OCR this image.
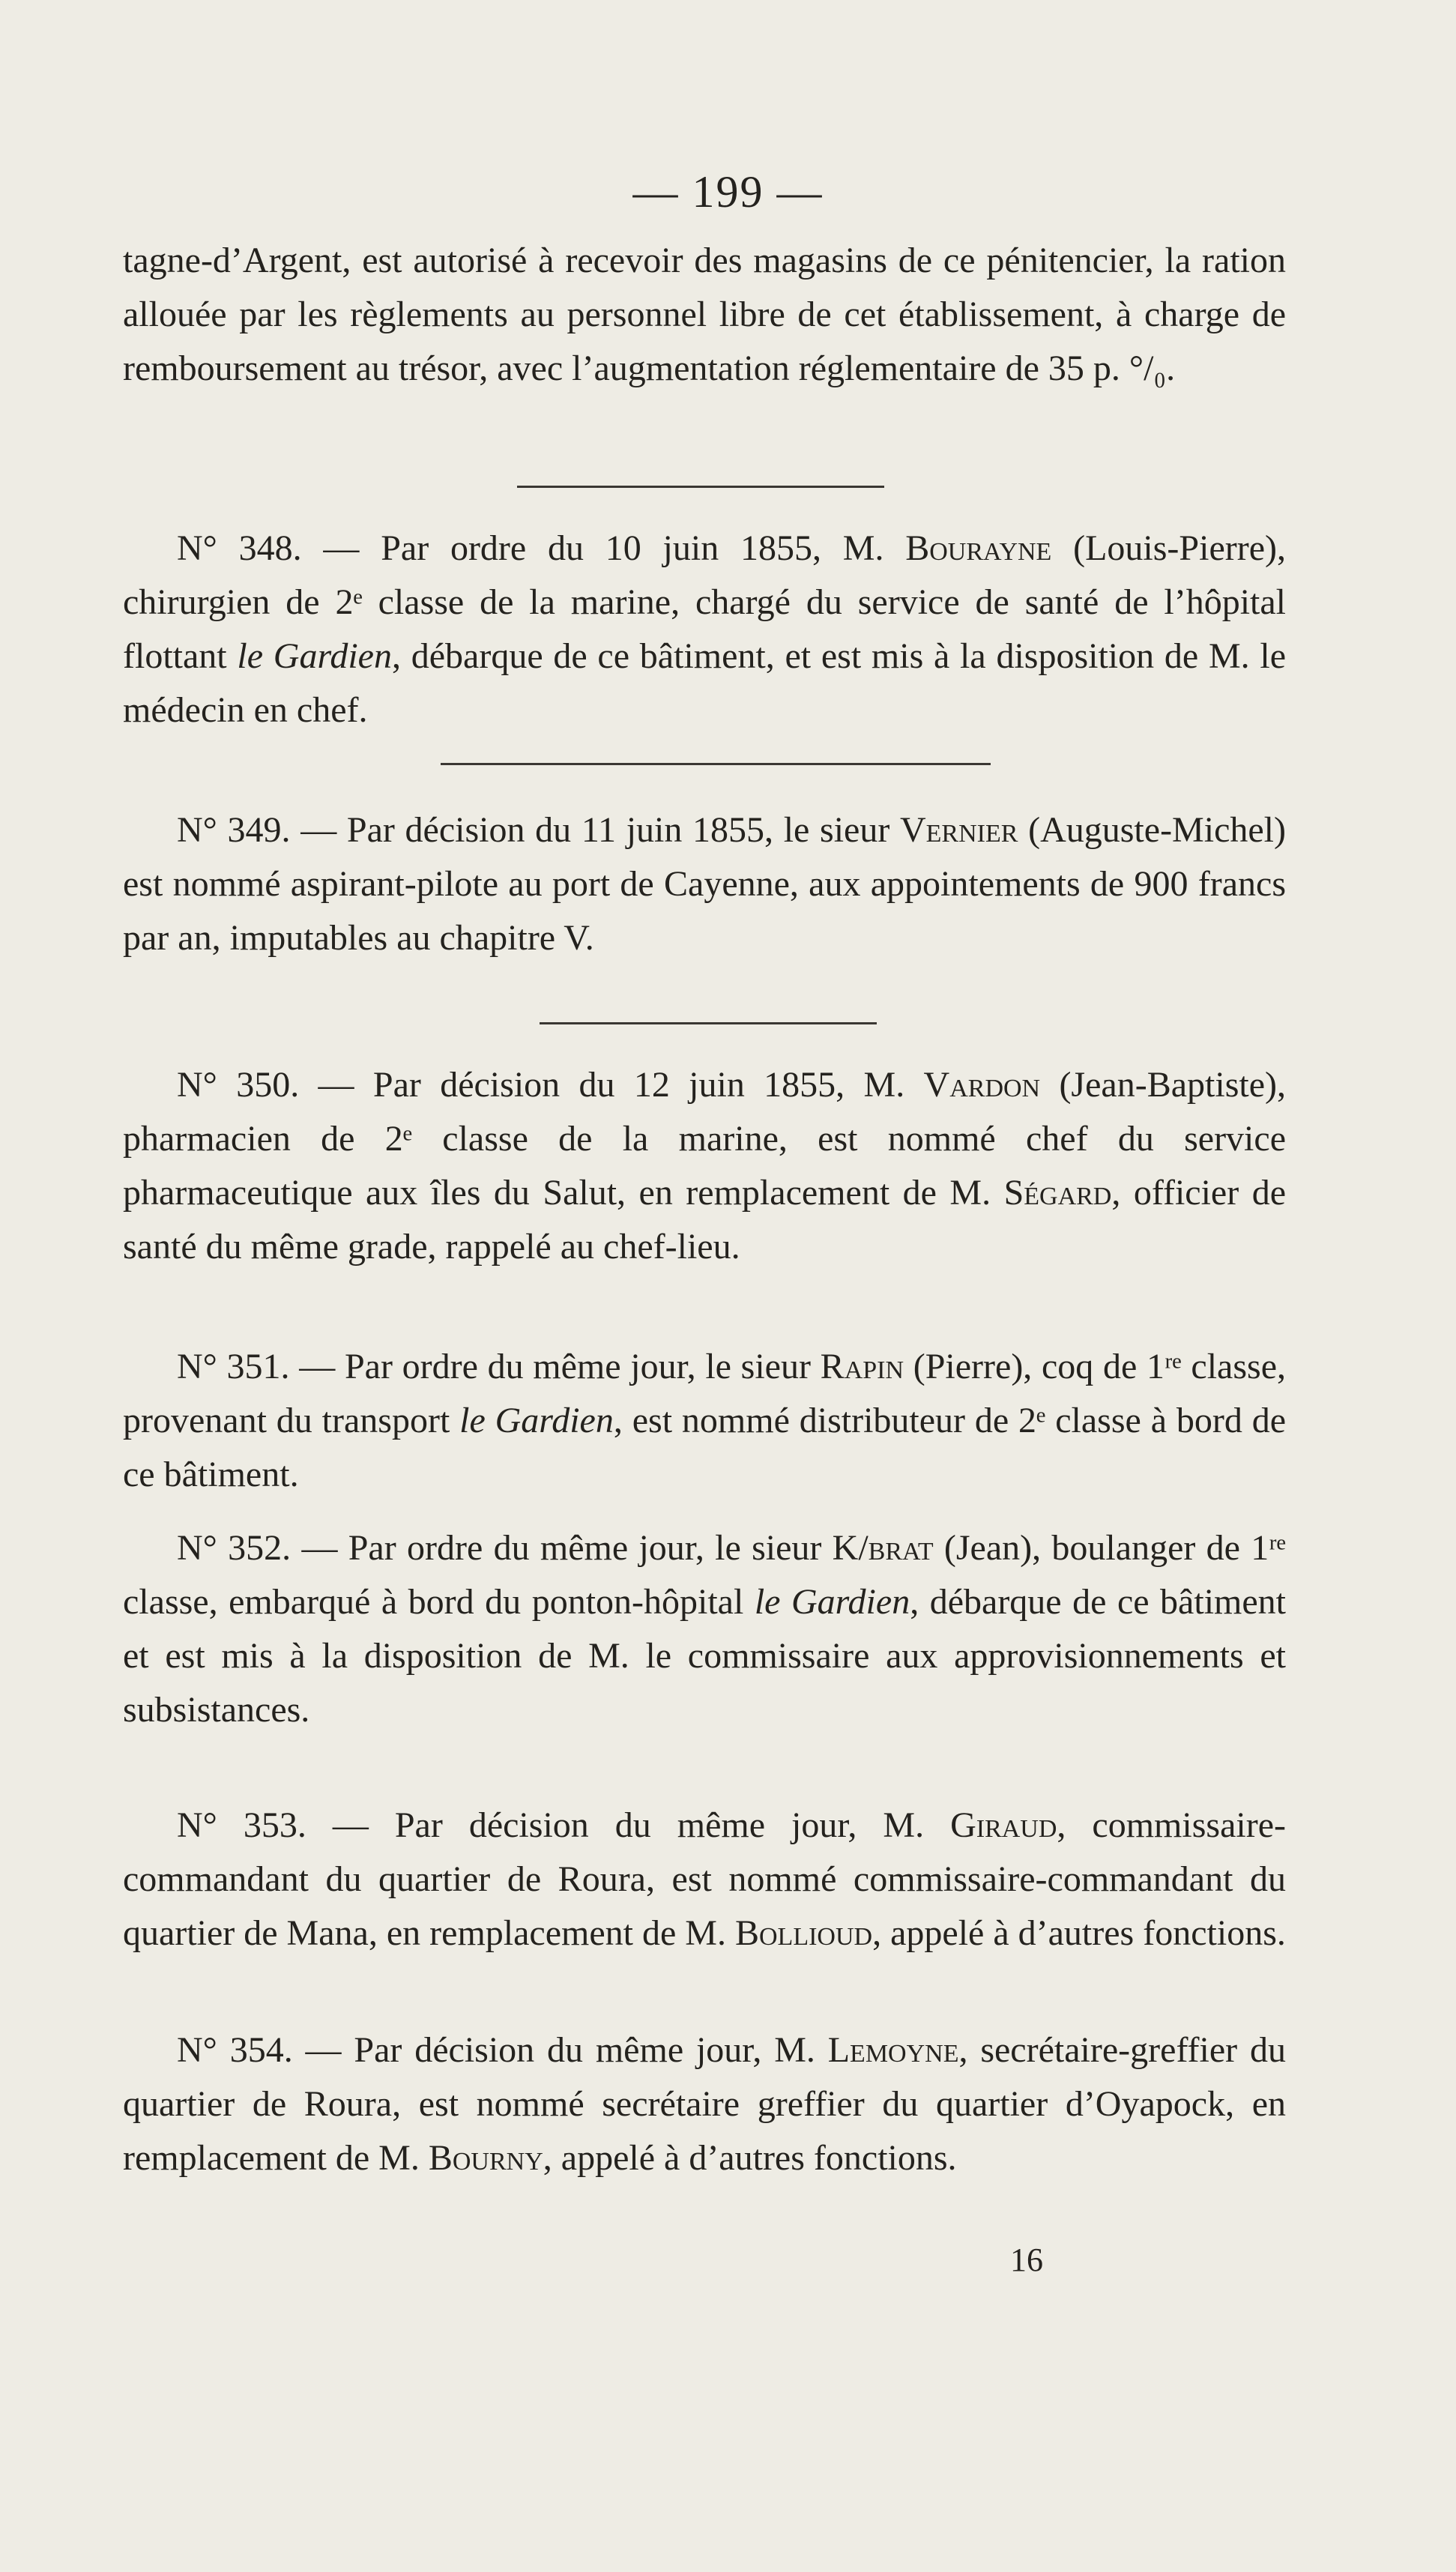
— 199 —

tagne-d’Argent, est autorisé à recevoir des magasins de ce pénitencier, la ration allouée par les règlements au personnel libre de cet établissement, à charge de remboursement au trésor, avec l’augmentation réglementaire de 35 p. °/₀.

N° 348. — Par ordre du 10 juin 1855, M. Bourayne (Louis-Pierre), chirurgien de 2ᵉ classe de la marine, chargé du service de santé de l’hôpital flottant le Gardien, débarque de ce bâtiment, et est mis à la disposition de M. le médecin en chef.

N° 349. — Par décision du 11 juin 1855, le sieur Vernier (Auguste-Michel) est nommé aspirant-pilote au port de Cayenne, aux appointements de 900 francs par an, imputables au chapitre V.

N° 350. — Par décision du 12 juin 1855, M. Vardon (Jean-Baptiste), pharmacien de 2ᵉ classe de la marine, est nommé chef du service pharmaceutique aux îles du Salut, en remplacement de M. Ségard, officier de santé du même grade, rappelé au chef-lieu.

N° 351. — Par ordre du même jour, le sieur Rapin (Pierre), coq de 1ʳᵉ classe, provenant du transport le Gardien, est nommé distributeur de 2ᵉ classe à bord de ce bâtiment.

N° 352. — Par ordre du même jour, le sieur K/brat (Jean), boulanger de 1ʳᵉ classe, embarqué à bord du ponton-hôpital le Gardien, débarque de ce bâtiment et est mis à la disposition de M. le commissaire aux approvisionnements et subsistances.

N° 353. — Par décision du même jour, M. Giraud, commissaire-commandant du quartier de Roura, est nommé commissaire-commandant du quartier de Mana, en remplacement de M. Bollioud, appelé à d’autres fonctions.

N° 354. — Par décision du même jour, M. Lemoyne, secrétaire-greffier du quartier de Roura, est nommé secrétaire greffier du quartier d’Oyapock, en remplacement de M. Bourny, appelé à d’autres fonctions.

16
